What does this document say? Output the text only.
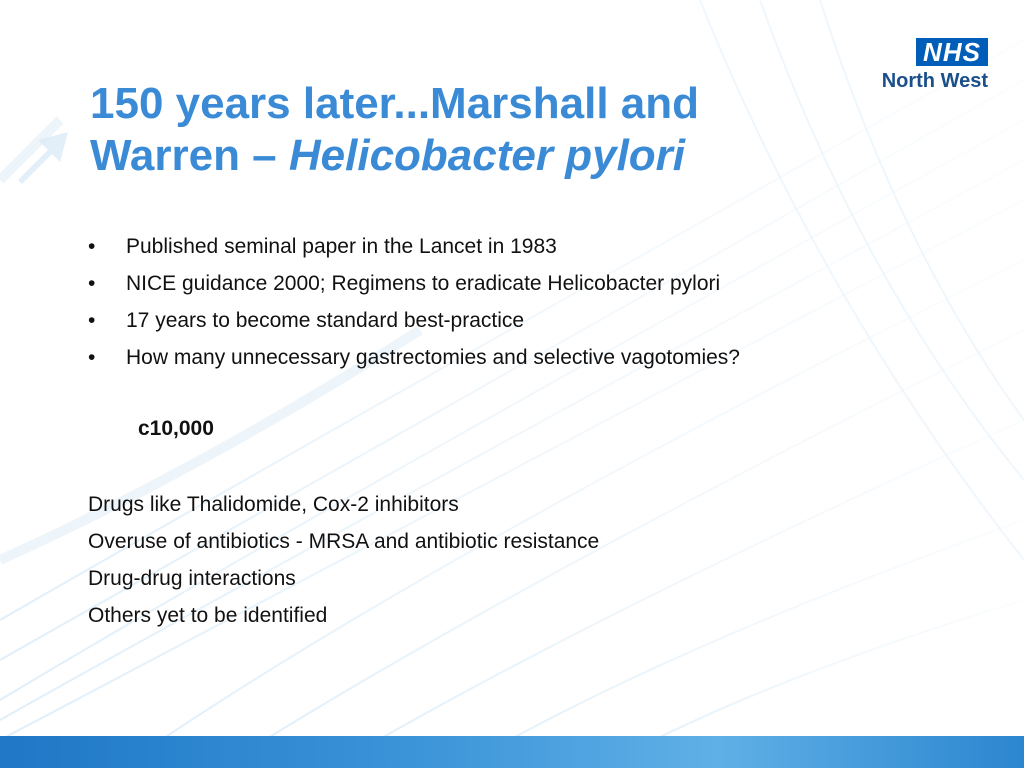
NHS
North West
150 years later...Marshall and Warren – Helicobacter pylori
• Published seminal paper in the Lancet in 1983
• NICE guidance 2000; Regimens to eradicate Helicobacter pylori
• 17 years to become standard best-practice
• How many unnecessary gastrectomies and selective vagotomies?
c10,000
Drugs like Thalidomide, Cox-2 inhibitors
Overuse of antibiotics - MRSA and antibiotic resistance
Drug-drug interactions
Others yet to be identified
